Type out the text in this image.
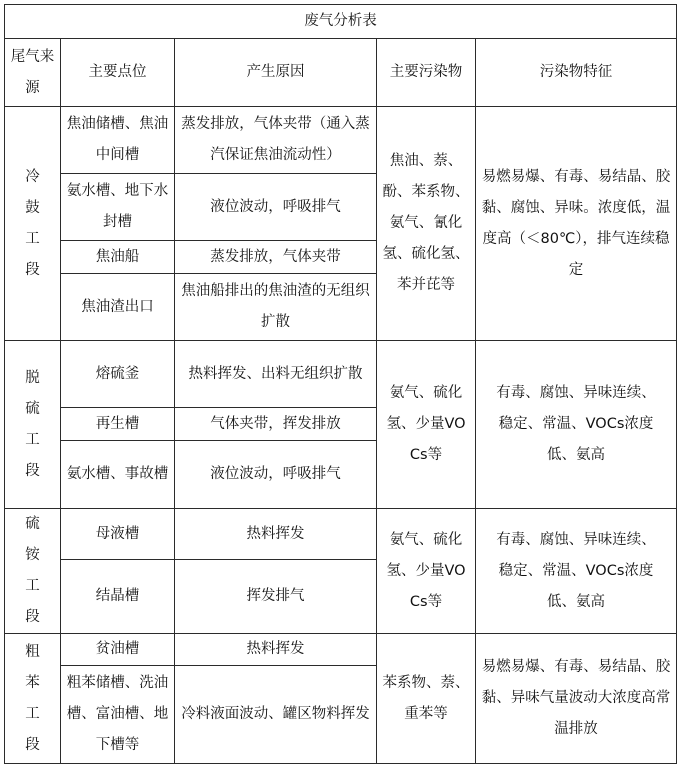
废气分析表				
尾气来源	主要点位	产生原因	主要污染物	污染物特征
冷鼓工段	焦油储槽、焦油中间槽	蒸发排放，气体夹带（通入蒸汽保证焦油流动性）	焦油、萘、酚、苯系物、氨气、氰化氢、硫化氢、苯并芘等	易燃易爆、有毒、易结晶、胶黏、腐蚀、异味。浓度低，温度高（＜80℃），排气连续稳定
	氨水槽、地下水封槽	液位波动，呼吸排气		
	焦油船	蒸发排放，气体夹带		
	焦油渣出口	焦油船排出的焦油渣的无组织扩散		
脱硫工段	熔硫釜	热料挥发、出料无组织扩散	氨气、硫化氢、少量VOCs等	有毒、腐蚀、异味连续、稳定、常温、VOCs浓度低、氨高
	再生槽	气体夹带，挥发排放		
	氨水槽、事故槽	液位波动，呼吸排气		
硫铵工段	母液槽	热料挥发	氨气、硫化氢、少量VOCs等	有毒、腐蚀、异味连续、稳定、常温、VOCs浓度低、氨高
	结晶槽	挥发排气		
粗苯工段	贫油槽	热料挥发	苯系物、萘、重苯等	易燃易爆、有毒、易结晶、胶黏、异味气量波动大浓度高常温排放
	粗苯储槽、洗油槽、富油槽、地下槽等	冷料液面波动、罐区物料挥发		
